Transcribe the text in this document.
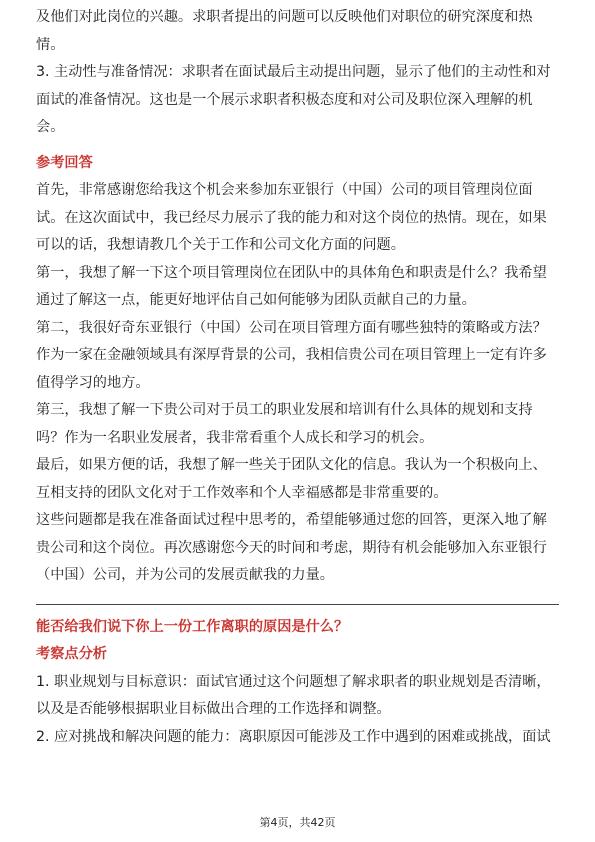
及他们对此岗位的兴趣。求职者提出的问题可以反映他们对职位的研究深度和热情。

3. 主动性与准备情况：求职者在面试最后主动提出问题，显示了他们的主动性和对面试的准备情况。这也是一个展示求职者积极态度和对公司及职位深入理解的机会。

参考回答

首先，非常感谢您给我这个机会来参加东亚银行（中国）公司的项目管理岗位面试。在这次面试中，我已经尽力展示了我的能力和对这个岗位的热情。现在，如果可以的话，我想请教几个关于工作和公司文化方面的问题。

第一，我想了解一下这个项目管理岗位在团队中的具体角色和职责是什么？我希望通过了解这一点，能更好地评估自己如何能够为团队贡献自己的力量。

第二，我很好奇东亚银行（中国）公司在项目管理方面有哪些独特的策略或方法？作为一家在金融领域具有深厚背景的公司，我相信贵公司在项目管理上一定有许多值得学习的地方。

第三，我想了解一下贵公司对于员工的职业发展和培训有什么具体的规划和支持吗？作为一名职业发展者，我非常看重个人成长和学习的机会。

最后，如果方便的话，我想了解一些关于团队文化的信息。我认为一个积极向上、互相支持的团队文化对于工作效率和个人幸福感都是非常重要的。

这些问题都是我在准备面试过程中思考的，希望能够通过您的回答，更深入地了解贵公司和这个岗位。再次感谢您今天的时间和考虑，期待有机会能够加入东亚银行（中国）公司，并为公司的发展贡献我的力量。

能否给我们说下你上一份工作离职的原因是什么？

考察点分析

1. 职业规划与目标意识：面试官通过这个问题想了解求职者的职业规划是否清晰，以及是否能够根据职业目标做出合理的工作选择和调整。

2. 应对挑战和解决问题的能力：离职原因可能涉及工作中遇到的困难或挑战，面试

第4页，共42页
